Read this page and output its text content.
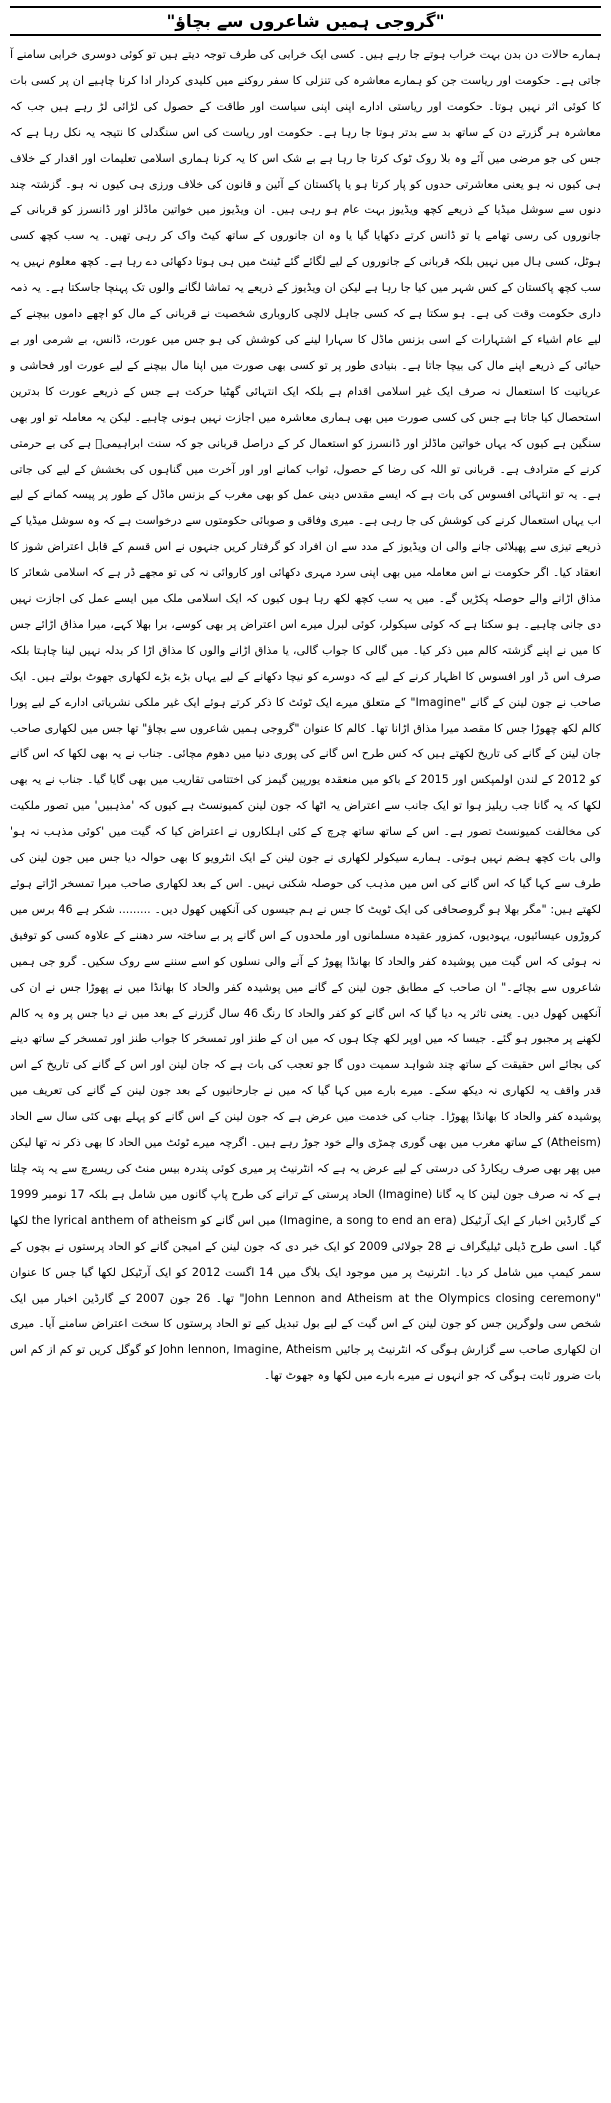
"گروجی ہمیں شاعروں سے بچاؤ"

ہمارے حالات دن بدن بہت خراب ہوتے جا رہے ہیں۔ کسی ایک خرابی کی طرف توجہ دیتے ہیں تو کوئی دوسری خرابی سامنے آ جاتی ہے۔ حکومت اور ریاست جن کو ہمارے معاشرہ کی تنزلی کا سفر روکنے میں کلیدی کردار ادا کرنا چاہیے ان پر کسی بات کا کوئی اثر نہیں ہوتا۔ حکومت اور ریاستی ادارے اپنی اپنی سیاست اور طاقت کے حصول کی لڑائی لڑ رہے ہیں جب کہ معاشرہ ہر گزرتے دن کے ساتھ بد سے بدتر ہوتا جا رہا ہے۔ حکومت اور ریاست کی اس سنگدلی کا نتیجہ یہ نکل رہا ہے کہ جس کی جو مرضی میں آئے وہ بلا روک ٹوک کرتا جا رہا ہے بے شک اس کا یہ کرنا ہماری اسلامی تعلیمات اور اقدار کے خلاف ہی کیوں نہ ہو یعنی معاشرتی حدوں کو پار کرتا ہو یا پاکستان کے آئین و قانون کی خلاف ورزی ہی کیوں نہ ہو۔ گزشتہ چند دنوں سے سوشل میڈیا کے ذریعے کچھ ویڈیوز بہت عام ہو رہی ہیں۔ ان ویڈیوز میں خواتین ماڈلز اور ڈانسرز کو قربانی کے جانوروں کی رسی تھامے یا تو ڈانس کرتے دکھایا گیا یا وہ ان جانوروں کے ساتھ کیٹ واک کر رہی تھیں۔ یہ سب کچھ کسی ہوٹل، کسی ہال میں نہیں بلکہ قربانی کے جانوروں کے لیے لگائے گئے ٹینٹ میں ہی ہوتا دکھائی دے رہا ہے۔ کچھ معلوم نہیں یہ سب کچھ پاکستان کے کس شہر میں کیا جا رہا ہے لیکن ان ویڈیوز کے ذریعے یہ تماشا لگانے والوں تک پہنچا جاسکتا ہے۔ یہ ذمہ داری حکومت وقت کی ہے۔ ہو سکتا ہے کہ کسی جاہل لالچی کاروباری شخصیت نے قربانی کے مال کو اچھے داموں بیچنے کے لیے عام اشیاء کے اشتہارات کے اسی بزنس ماڈل کا سہارا لینے کی کوشش کی ہو جس میں عورت، ڈانس، بے شرمی اور بے حیائی کے ذریعے اپنے مال کی بیچا جاتا ہے۔ بنیادی طور پر تو کسی بھی صورت میں اپنا مال بیچنے کے لیے عورت اور فحاشی و عریانیت کا استعمال نہ صرف ایک غیر اسلامی اقدام ہے بلکہ ایک انتہائی گھٹیا حرکت ہے جس کے ذریعے عورت کا بدترین استحصال کیا جاتا ہے جس کی کسی صورت میں بھی ہماری معاشرہ میں اجازت نہیں ہونی چاہیے۔ لیکن یہ معاملہ تو اور بھی سنگین ہے کیوں کہ یہاں خواتین ماڈلز اور ڈانسرز کو استعمال کر کے دراصل قربانی جو کہ سنت ابراہیمیؑ ہے کی بے حرمتی کرنے کے مترادف ہے۔ قربانی تو اللہ کی رضا کے حصول، ثواب کمانے اور اور آخرت میں گناہوں کی بخشش کے لیے کی جاتی ہے۔ یہ تو انتہائی افسوس کی بات ہے کہ ایسے مقدس دینی عمل کو بھی مغرب کے بزنس ماڈل کے طور پر پیسہ کمانے کے لیے اب یہاں استعمال کرنے کی کوشش کی جا رہی ہے۔ میری وفاقی و صوبائی حکومتوں سے درخواست ہے کہ وہ سوشل میڈیا کے ذریعے تیزی سے پھیلائی جانے والی ان ویڈیوز کے مدد سے ان افراد کو گرفتار کریں جنہوں نے اس قسم کے قابل اعتراض شوز کا انعقاد کیا۔ اگر حکومت نے اس معاملہ میں بھی اپنی سرد مہری دکھائی اور کاروائی نہ کی تو مجھے ڈر ہے کہ اسلامی شعائر کا مذاق اڑانے والے حوصلہ پکڑیں گے۔ میں یہ سب کچھ لکھ رہا ہوں کیوں کہ ایک اسلامی ملک میں ایسے عمل کی اجازت نہیں دی جانی چاہیے۔ ہو سکتا ہے کہ کوئی سیکولر، کوئی لبرل میرے اس اعتراض پر بھی کوسے، برا بھلا کہے، میرا مذاق اڑائے جس کا میں نے اپنے گزشتہ کالم میں ذکر کیا۔ میں گالی کا جواب گالی، یا مذاق اڑانے والوں کا مذاق اڑا کر بدلہ نہیں لینا چاہتا بلکہ صرف اس ڈر اور افسوس کا اظہار کرنے کے لیے کہ دوسرے کو نیچا دکھانے کے لیے یہاں بڑے بڑے لکھاری جھوٹ بولتے ہیں۔ ایک صاحب نے جون لینن کے گانے "Imagine" کے متعلق میرے ایک ٹوئٹ کا ذکر کرتے ہوئے ایک غیر ملکی نشریاتی ادارے کے لیے پورا کالم لکھ چھوڑا جس کا مقصد میرا مذاق اڑانا تھا۔ کالم کا عنوان "گروجی ہمیں شاعروں سے بچاؤ" تھا جس میں لکھاری صاحب جان لینن کے گانے کی تاریخ لکھتے ہیں کہ کس طرح اس گانے کی پوری دنیا میں دھوم مچائی۔ جناب نے یہ بھی لکھا کہ اس گانے کو 2012 کے لندن اولمپکس اور 2015 کے باکو میں منعقدہ یورپین گیمز کی اختتامی تقاریب میں بھی گایا گیا۔ جناب نے یہ بھی لکھا کہ یہ گانا جب ریلیز ہوا تو ایک جانب سے اعتراض یہ اٹھا کہ جون لینن کمیونسٹ ہے کیوں کہ 'مذہبیں' میں تصور ملکیت کی مخالفت کمیونسٹ تصور ہے۔ اس کے ساتھ ساتھ چرچ کے کئی اہلکاروں نے اعتراض کیا کہ گیت میں 'کوئی مذہب نہ ہو' والی بات کچھ ہضم نہیں ہوتی۔ ہمارے سیکولر لکھاری نے جون لینن کے ایک انٹرویو کا بھی حوالہ دیا جس میں جون لینن کی طرف سے کہا گیا کہ اس گانے کی اس میں مذہب کی حوصلہ شکنی نہیں۔ اس کے بعد لکھاری صاحب میرا تمسخر اڑاتے ہوئے لکھتے ہیں: "مگر بھلا ہو گروصحافی کی ایک ٹویٹ کا جس نے ہم جیسوں کی آنکھیں کھول دیں۔ ......... شکر ہے 46 برس میں کروڑوں عیسائیوں، یہودیوں، کمزور عقیدہ مسلمانوں اور ملحدوں کے اس گانے پر بے ساختہ سر دھننے کے علاوہ کسی کو توفیق نہ ہوئی کہ اس گیت میں پوشیدہ کفر والحاد کا بھانڈا پھوڑ کے آنے والی نسلوں کو اسے سننے سے روک سکیں۔ گرو جی ہمیں شاعروں سے بچائے۔" ان صاحب کے مطابق جون لینن کے گانے میں پوشیدہ کفر والحاد کا بھانڈا میں نے پھوڑا جس نے ان کی آنکھیں کھول دیں۔ یعنی تاثر یہ دیا گیا کہ اس گانے کو کفر والحاد کا رنگ 46 سال گزرنے کے بعد میں نے دیا جس پر وہ یہ کالم لکھنے پر مجبور ہو گئے۔ جیسا کہ میں اوپر لکھ چکا ہوں کہ میں ان کے طنز اور تمسخر کا جواب طنز اور تمسخر کے ساتھ دینے کی بجائے اس حقیقت کے ساتھ چند شواہد سمیت دوں گا جو تعجب کی بات ہے کہ جان لینن اور اس کے گانے کی تاریخ کے اس قدر واقف یہ لکھاری نہ دیکھ سکے۔ میرے بارے میں کہا گیا کہ میں نے جارحانیوں کے بعد جون لینن کے گانے کی تعریف میں پوشیدہ کفر والحاد کا بھانڈا پھوڑا۔ جناب کی خدمت میں عرض ہے کہ جون لینن کے اس گانے کو پہلے بھی کئی سال سے الحاد (Atheism) کے ساتھ مغرب میں بھی گوری چمڑی والے خود جوڑ رہے ہیں۔ اگرچہ میرے ٹوئٹ میں الحاد کا بھی ذکر نہ تھا لیکن میں پھر بھی صرف ریکارڈ کی درستی کے لیے عرض یہ ہے کہ انٹرنیٹ پر میری کوئی پندرہ بیس منٹ کی ریسرچ سے یہ پتہ چلتا ہے کہ نہ صرف جون لینن کا یہ گانا (Imagine) الحاد پرستی کے ترانے کی طرح پاپ گانوں میں شامل ہے بلکہ 17 نومبر 1999 کے گارڈین اخبار کے ایک آرٹیکل (Imagine, a song to end an era) میں اس گانے کو the lyrical anthem of atheism لکھا گیا۔ اسی طرح ڈیلی ٹیلیگراف نے 28 جولائی 2009 کو ایک خبر دی کہ جون لینن کے امیجن گانے کو الحاد پرستوں نے بچوں کے سمر کیمپ میں شامل کر دیا۔ انٹرنیٹ پر میں موجود ایک بلاگ میں 14 اگست 2012 کو ایک آرٹیکل لکھا گیا جس کا عنوان "John Lennon and Atheism at the Olympics closing ceremony" تھا۔ 26 جون 2007 کے گارڈین اخبار میں ایک شخص سی ولوگرین جس کو جون لینن کے اس گیت کے لیے بول تبدیل کیے تو الحاد پرستوں کا سخت اعتراض سامنے آیا۔ میری ان لکھاری صاحب سے گزارش ہوگی کہ انٹرنیٹ پر جائیں John lennon, Imagine, Atheism کو گوگل کریں تو کم از کم اس بات ضرور ثابت ہوگی کہ جو انہوں نے میرے بارے میں لکھا وہ جھوٹ تھا۔
